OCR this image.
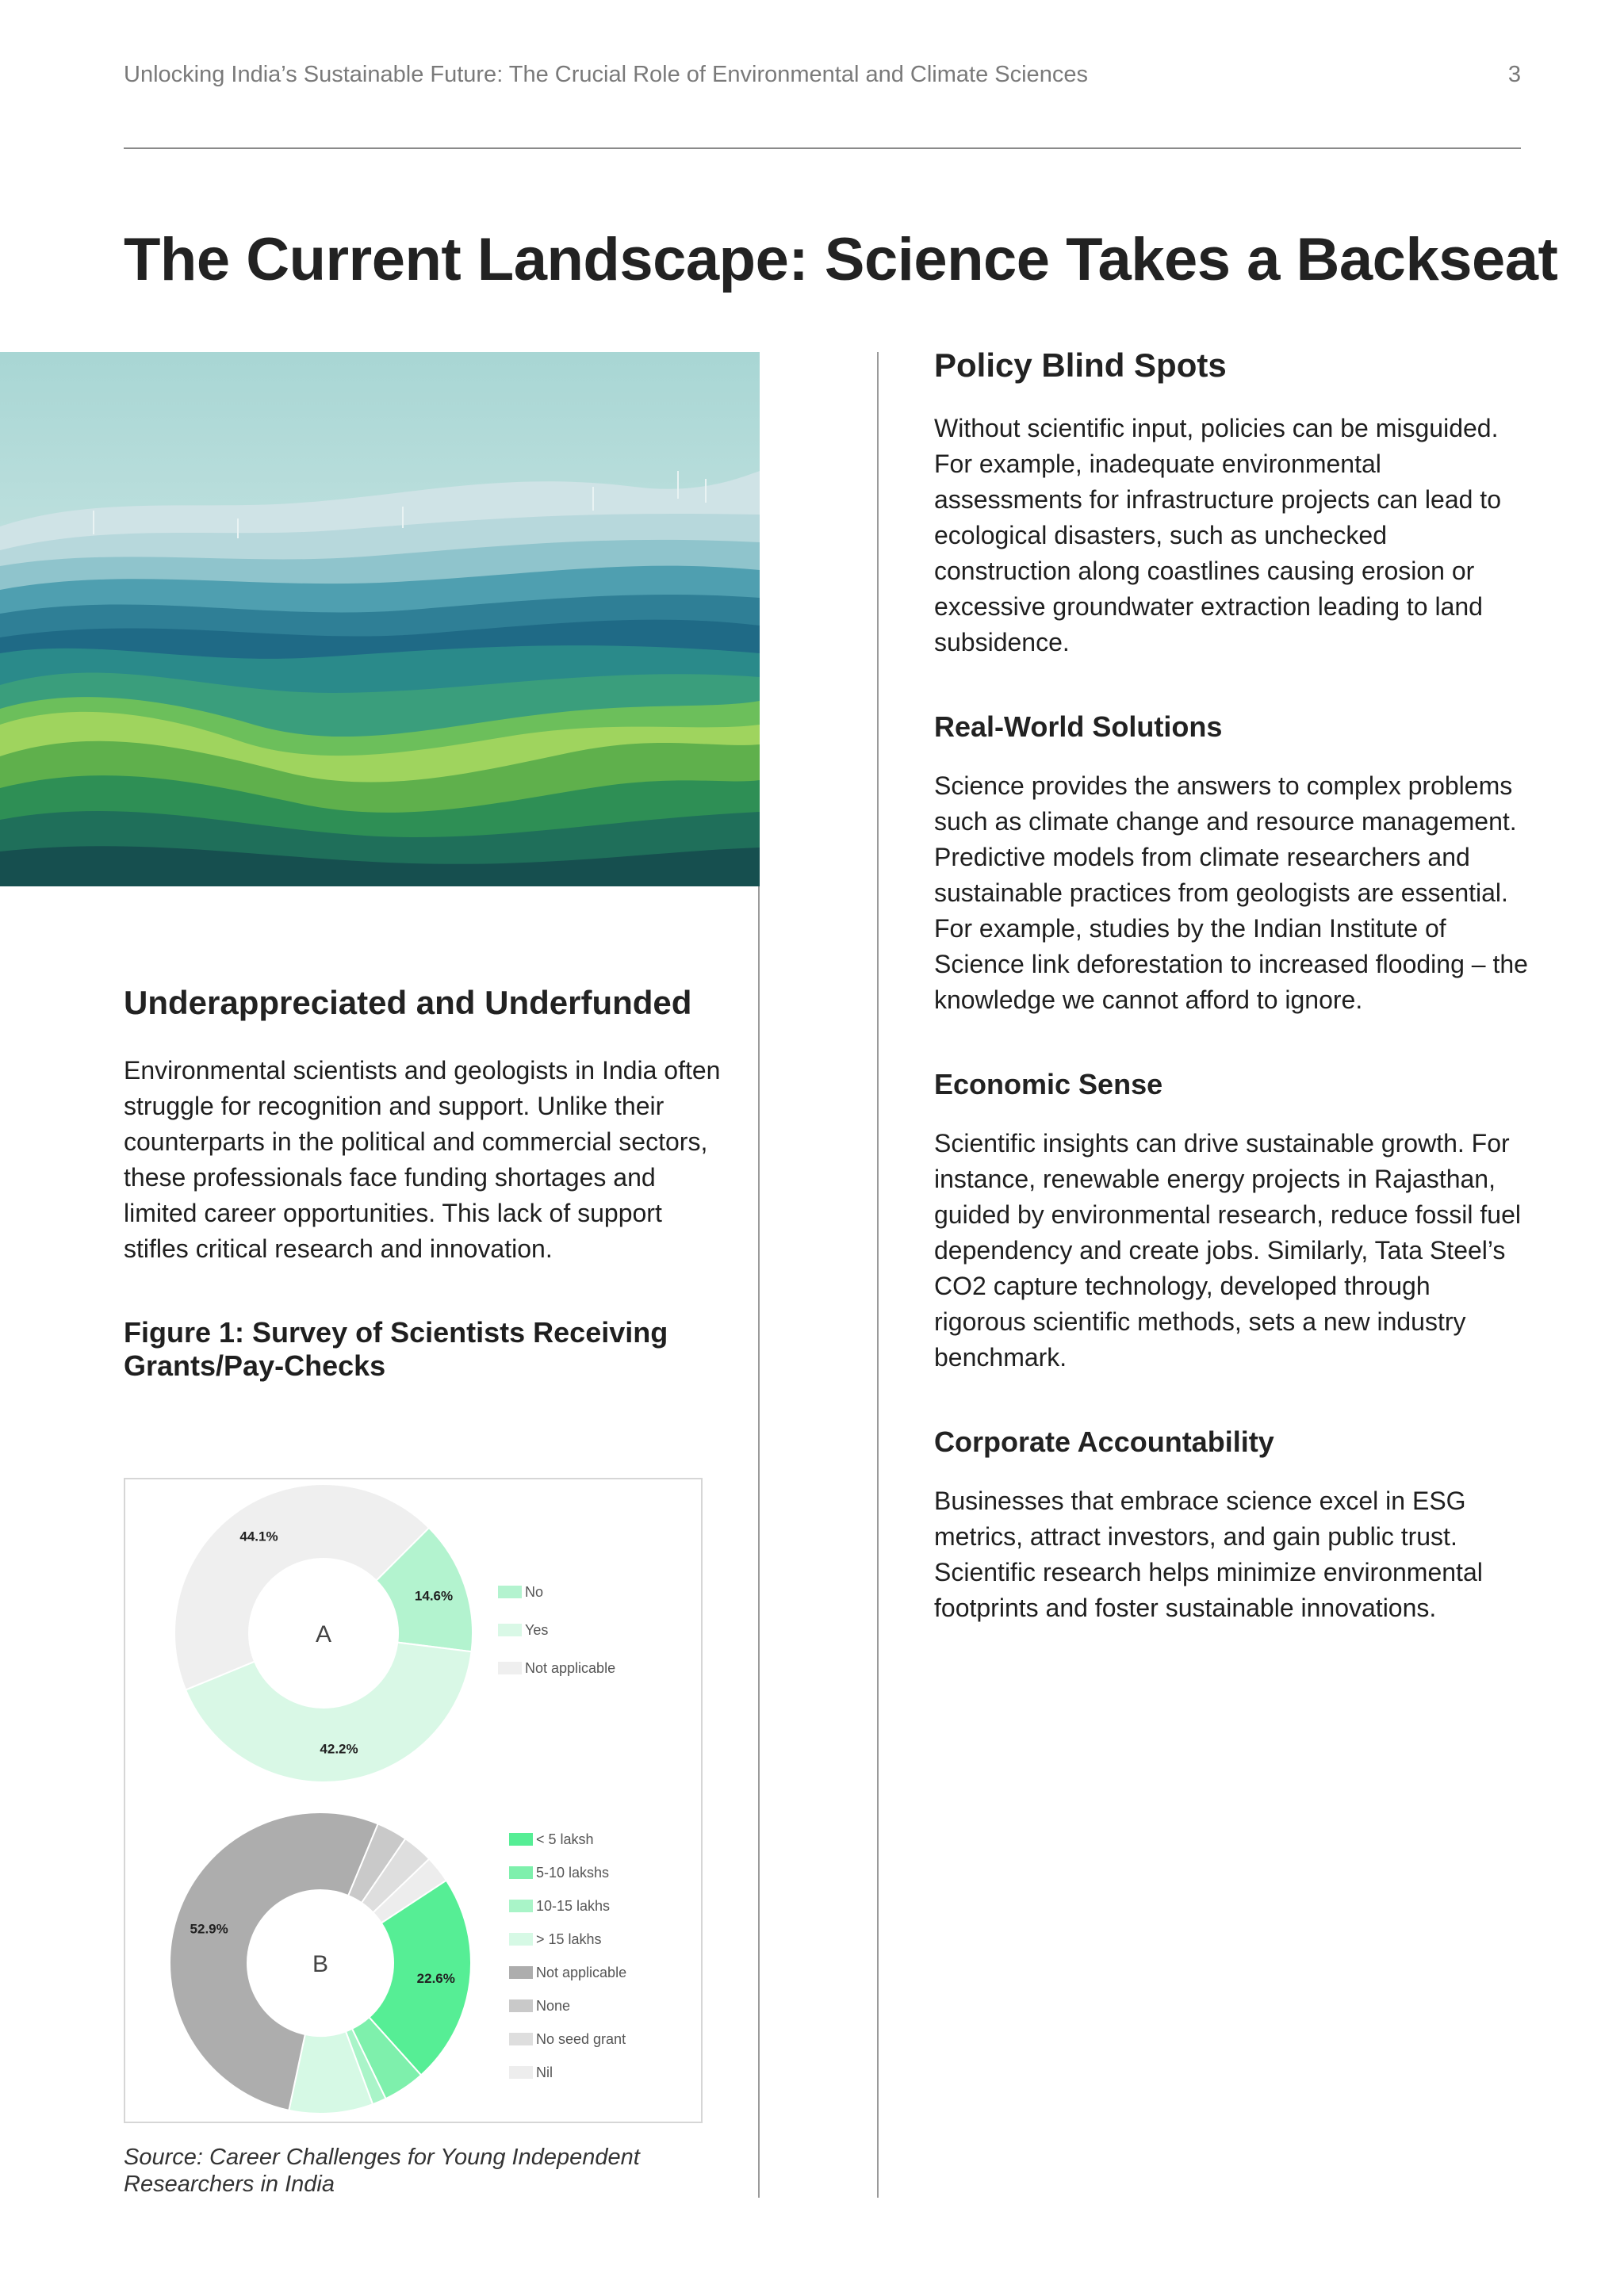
Unlocking India’s Sustainable Future: The Crucial Role of Environmental and Climate Sciences	3
The Current Landscape: Science Takes a Backseat
Underappreciated and Underfunded

Environmental scientists and geologists in India often struggle for recognition and support. Unlike their counterparts in the political and commercial sectors, these professionals face funding shortages and limited career opportunities. This lack of support stifles critical research and innovation.

Figure 1: Survey of Scientists Receiving Grants/Pay-Checks
14.6%
42.2%
44.1%
A
No
Yes
Not applicable
22.6%
52.9%
B
< 5 laksh
5-10 lakshs
10-15 lakhs
> 15 lakhs
Not applicable
None
No seed grant
Nil
Source: Career Challenges for Young Independent Researchers in India
Policy Blind Spots

Without scientific input, policies can be misguided. For example, inadequate environmental assessments for infrastructure projects can lead to ecological disasters, such as unchecked construction along coastlines causing erosion or excessive groundwater extraction leading to land subsidence.

Real-World Solutions

Science provides the answers to complex problems such as climate change and resource management. Predictive models from climate researchers and sustainable practices from geologists are essential. For example, studies by the Indian Institute of Science link deforestation to increased flooding – the knowledge we cannot afford to ignore.

Economic Sense

Scientific insights can drive sustainable growth. For instance, renewable energy projects in Rajasthan, guided by environmental research, reduce fossil fuel dependency and create jobs. Similarly, Tata Steel’s CO2 capture technology, developed through rigorous scientific methods, sets a new industry benchmark.

Corporate Accountability

Businesses that embrace science excel in ESG metrics, attract investors, and gain public trust. Scientific research helps minimize environmental footprints and foster sustainable innovations.
